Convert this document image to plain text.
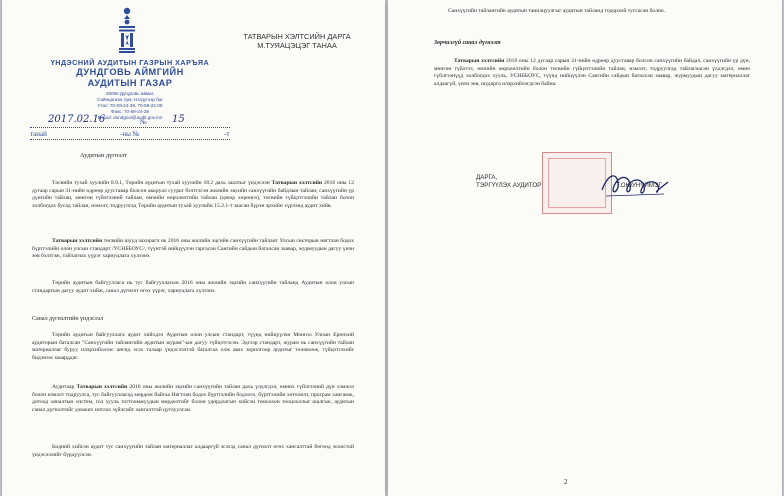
ҮНДЭСНИЙ АУДИТЫН ГАЗРЫН ХАРЪЯА
ДУНДГОВЬ АЙМГИЙН
АУДИТЫН ГАЗАР
48090 Дундговь аймаг,
Сайнцагаан сум, Нэгдүгээр баг
Утас: 70-59-24-39, 70-59-22-08
Факс: 70-59-24-39
E-mail: dundgovi@audit.gov.mn
2017.02.16	№	15
танай	-ны №	-т
ТАТВАРЫН ХЭЛТСИЙН ДАРГА
М.ТУЯАЦЭЦЭГ ТАНАА
Аудитын дүгнэлт
Төсвийн тухай хуулийн 8.9.1, Төрийн аудитын тухай хуулийн 18.2 дахь заалтыг үндэслэн Татварын хэлтсийн 2016 оны 12 дугаар сарын 31-нийн өдрөөр дуусгавар болсон аккруал суурьт бэлтгэсэн жилийн эцсийн санхүүгийн байдлын тайлан, санхүүгийн үр дүнгийн тайлан, мөнгөн гүйлгээний тайлан, өмчийн өөрчлөлтийн тайлан (цэвэр хөрөнгө), төсвийн гүйцэтгэлийн тайлан болон холбогдох бусад тайлан, нэмэлт, тодруулгад Төрийн аудитын тухай хуулийн 15.2.1-т заасан бүрэн эрхийн хүрээнд аудит хийв.
Татварын хэлтсийн төсвийн шууд захирагч нь 2016 оны жилийн эцсийн санхүүгийн тайланг Улсын секторын нягтлан бодох бүртгэлийн олон улсын стандарт /УСНББОУС/, түүнтэй нийцүүлэн гаргасан Сангийн сайдын баталсан заавар, журмуудын дагуу үнэн зөв бэлтгэж, тайлагнах үүрэг хариуцлага хүлээнэ.
Төрийн аудитын байгууллага нь тус байгууллагын 2016 оны жилийн эцсийн санхүүгийн тайланд Аудитын олон улсын стандартын дагуу аудит хийж, санал дүгнэлт өгөх үүрэг, хариуцлага хүлээнэ.
Санал дүгнэлтийн үндэслэл
Төрийн аудитын байгууллага аудит хийхдээ Аудитын олон улсын стандарт, түүнд нийцүүлэн Монгол Улсын Ерөнхий аудиторын баталсан "Санхүүгийн тайлангийн аудитын журам"-ын дагуу гүйцэтгэсэн. Эдгээр стандарт, журам нь санхүүгийн тайлан материаллаг буруу илэрхийллээс ангид эсэх талаар үндэслэлтэй баталгаа олж авах зорилгоор аудитыг төлөвлөж, гүйцэтгэхийг бидэнээс шаарддаг.
Аудитаар Татварын хэлтсийн 2016 оны жилийн эцсийн санхүүгийн тайлан дахь үлдэгдэл, өмнөх гүйлгээний дүн хэмжээ болон нэмэлт тодруулга, тус байгууллагад мөрдөж байгаа Нягтлан бодох бүртгэлийн бодлого, бүртгэлийн хөтөлөлт, програм хангамж, дотоод хяналтын систем, гол хууль тогтоомжуудын мөрдөлтийг болон удирдлагын хийсэн томоохон тооцооллыг шалгаж, аудитын санал дүгнэлтийг дэмжих нотлох зүйлсийг хангалттай цуглуулсан.
Бидний хийсэн аудит тус санхүүгийн тайлан материаллаг алдааргүй эсэхэд санал дүгнэлт өгөх хангалттай бөгөөд зохистой үндэслэлийг бүрдүүлсэн.
Санхүүгийн тайлангийн аудитын танилцуулгыг аудитын тайланд тодорхой тусгасан болно.
Зөрчилгүй санал дүгнэлт
Татварын хэлтсийн 2016 оны 12 дугаар сарын 31-нийн өдрөөр дуусгавар болсон санхүүгийн байдал, санхүүгийн үр дүн, мөнгөн гүйлгээ, өмчийн өөрчлөлтийн болон төсвийн гүйцэтгэлийн тайлан, нэмэлт, тодруулгад тайлагнасан үлдэгдэл, өмнө гүйлгээнүүд холбогдох хууль, УСНББОУС, түүнд нийцүүлэн Сангийн сайдын баталсан заавар, журмуудын дагуу материаллаг алдаагүй, үнэн зөв, шударга илэрхийлэгдсэн байна.
2
ДАРГА,
ТЭРГҮҮЛЭХ АУДИТОР	Т.ОЮУНЧИМЭГ
